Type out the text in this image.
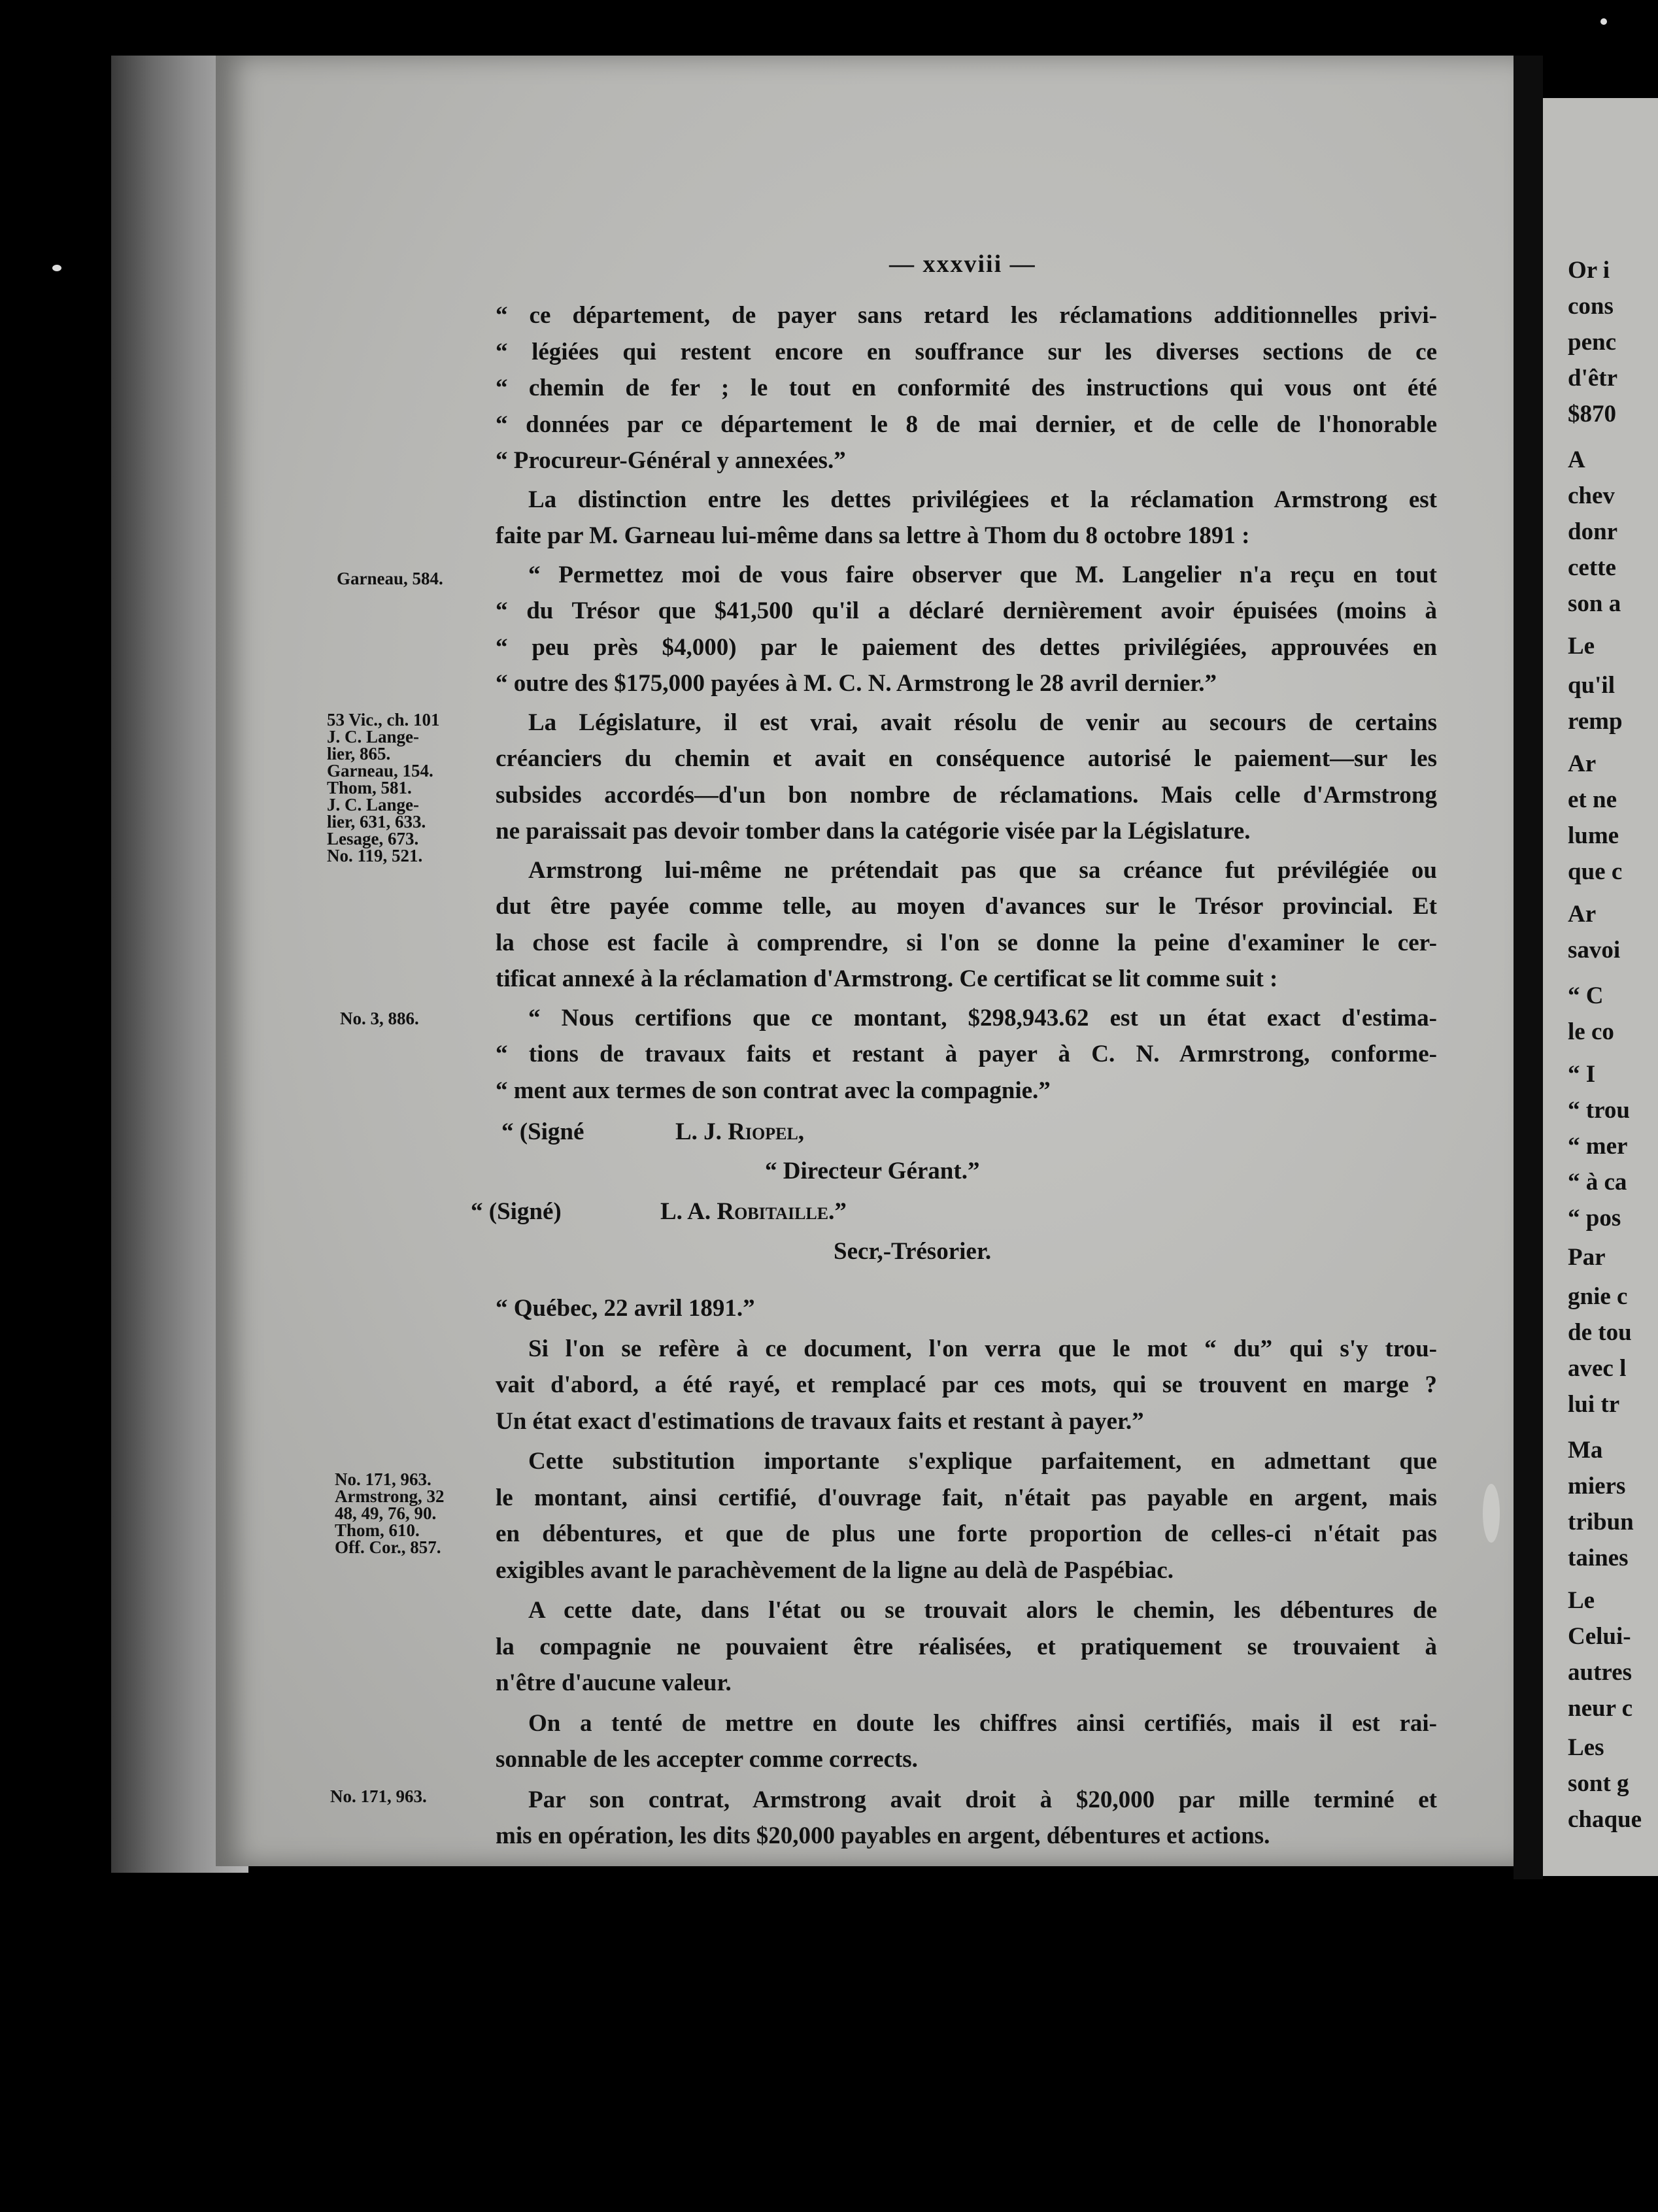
Or i
cons
penc
d'êtr
$870
A
chev
donr
cette
son a
Le
qu'il
remp
Ar
et ne
lume
que c
Ar
savoi
“ C
le co
“ I
“ trou
“ mer
“ à ca
“ pos
Par
gnie c
de tou
avec l
lui tr
Ma
miers
tribun
taines
Le
Celui-
autres
neur c
Les
sont g
chaque
— xxxviii —

“ ce département, de payer sans retard les réclamations additionnelles privi-
“ légiées qui restent encore en souffrance sur les diverses sections de ce
“ chemin de fer ; le tout en conformité des instructions qui vous ont été
“ données par ce département le 8 de mai dernier, et de celle de l'honorable
“ Procureur-Général y annexées.”

La distinction entre les dettes privilégiees et la réclamation Armstrong est
faite par M. Garneau lui-même dans sa lettre à Thom du 8 octobre 1891 :

“ Permettez moi de vous faire observer que M. Langelier n'a reçu en tout
“ du Trésor que $41,500 qu'il a déclaré dernièrement avoir épuisées (moins à
“ peu près $4,000) par le paiement des dettes privilégiées, approuvées en
“ outre des $175,000 payées à M. C. N. Armstrong le 28 avril dernier.”

La Législature, il est vrai, avait résolu de venir au secours de certains
créanciers du chemin et avait en conséquence autorisé le paiement—sur les
subsides accordés—d'un bon nombre de réclamations. Mais celle d'Armstrong
ne paraissait pas devoir tomber dans la catégorie visée par la Législature.

Armstrong lui-même ne prétendait pas que sa créance fut prévilégiée ou
dut être payée comme telle, au moyen d'avances sur le Trésor provincial. Et
la chose est facile à comprendre, si l'on se donne la peine d'examiner le cer-
tificat annexé à la réclamation d'Armstrong. Ce certificat se lit comme suit :

“ Nous certifions que ce montant, $298,943.62 est un état exact d'estima-
“ tions de travaux faits et restant à payer à C. N. Armrstrong, conforme-
“ ment aux termes de son contrat avec la compagnie.”

“ (Signé	L. J. Riopel,
“ Directeur Gérant.”
“ (Signé)	L. A. Robitaille.”
Secr,-Trésorier.

“ Québec, 22 avril 1891.”

Si l'on se refère à ce document, l'on verra que le mot “ du” qui s'y trou-
vait d'abord, a été rayé, et remplacé par ces mots, qui se trouvent en marge ?
Un état exact d'estimations de travaux faits et restant à payer.”

Cette substitution importante s'explique parfaitement, en admettant que
le montant, ainsi certifié, d'ouvrage fait, n'était pas payable en argent, mais
en débentures, et que de plus une forte proportion de celles-ci n'était pas
exigibles avant le parachèvement de la ligne au delà de Paspébiac.

A cette date, dans l'état ou se trouvait alors le chemin, les débentures de
la compagnie ne pouvaient être réalisées, et pratiquement se trouvaient à
n'être d'aucune valeur.

On a tenté de mettre en doute les chiffres ainsi certifiés, mais il est rai-
sonnable de les accepter comme corrects.

Par son contrat, Armstrong avait droit à $20,000 par mille terminé et
mis en opération, les dits $20,000 payables en argent, débentures et actions.

Garneau, 584.
53 Vic., ch. 101
J. C. Lange-
lier, 865.
Garneau, 154.
Thom, 581.
J. C. Lange-
lier, 631, 633.
Lesage, 673.
No. 119, 521.
No. 3, 886.
No. 171, 963.
Armstrong, 32
48, 49, 76, 90.
Thom, 610.
Off. Cor., 857.
No. 171, 963.
